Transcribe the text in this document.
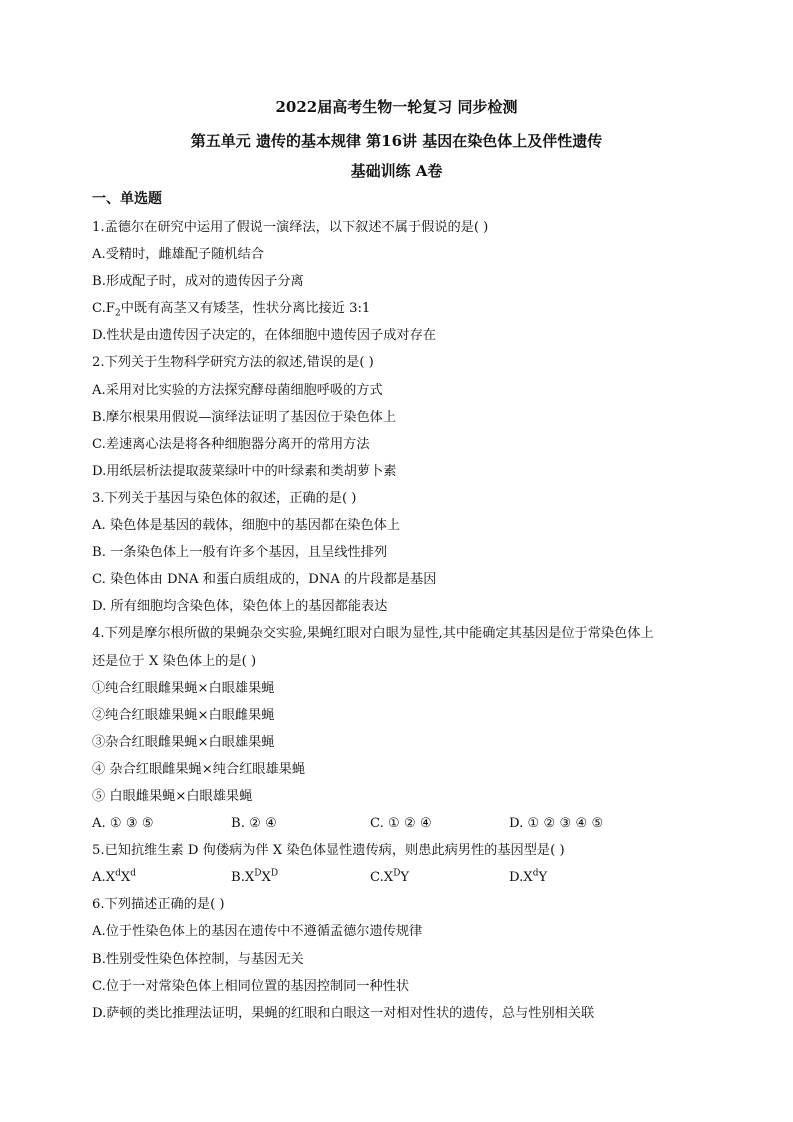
2022届高考生物一轮复习 同步检测
第五单元 遗传的基本规律 第16讲 基因在染色体上及伴性遗传
基础训练 A卷
一、单选题
1.孟德尔在研究中运用了假说一演绎法，以下叙述不属于假说的是( )
A.受精时，雌雄配子随机结合
B.形成配子时，成对的遗传因子分离
$C.F_2$中既有高茎又有矮茎，性状分离比接近 3:1
D.性状是由遗传因子决定的，在体细胞中遗传因子成对存在
2.下列关于生物科学研究方法的叙述,错误的是( )
A.采用对比实验的方法探究酵母菌细胞呼吸的方式
B.摩尔根果用假说—演绎法证明了基因位于染色体上
C.差速离心法是将各种细胞器分离开的常用方法
D.用纸层析法提取菠菜绿叶中的叶绿素和类胡萝卜素
3.下列关于基因与染色体的叙述，正确的是( )
A. 染色体是基因的载体，细胞中的基因都在染色体上
B. 一条染色体上一般有许多个基因，且呈线性排列
C. 染色体由 DNA 和蛋白质组成的，DNA 的片段都是基因
D. 所有细胞均含染色体，染色体上的基因都能表达
4.下列是摩尔根所做的果蝇杂交实验,果蝇红眼对白眼为显性,其中能确定其基因是位于常染色体上
还是位于 X 染色体上的是( )
①纯合红眼雌果蝇×白眼雄果蝇
②纯合红眼雄果蝇×白眼雌果蝇
③杂合红眼雌果蝇×白眼雄果蝇
④ 杂合红眼雌果蝇×纯合红眼雄果蝇
⑤ 白眼雌果蝇×白眼雄果蝇
A. ① ③ ⑤	B. ② ④	C. ① ② ④	D. ① ② ③ ④ ⑤
5.已知抗维生素 D 佝偻病为伴 X 染色体显性遗传病，则患此病男性的基因型是( )
$A.X^dX^d$	$B.X^DX^D$	$C.X^DY$	$D.X^dY$
6.下列描述正确的是( )
A.位于性染色体上的基因在遗传中不遵循孟德尔遗传规律
B.性别受性染色体控制，与基因无关
C.位于一对常染色体上相同位置的基因控制同一种性状
D.萨顿的类比推理法证明，果蝇的红眼和白眼这一对相对性状的遗传，总与性别相关联
